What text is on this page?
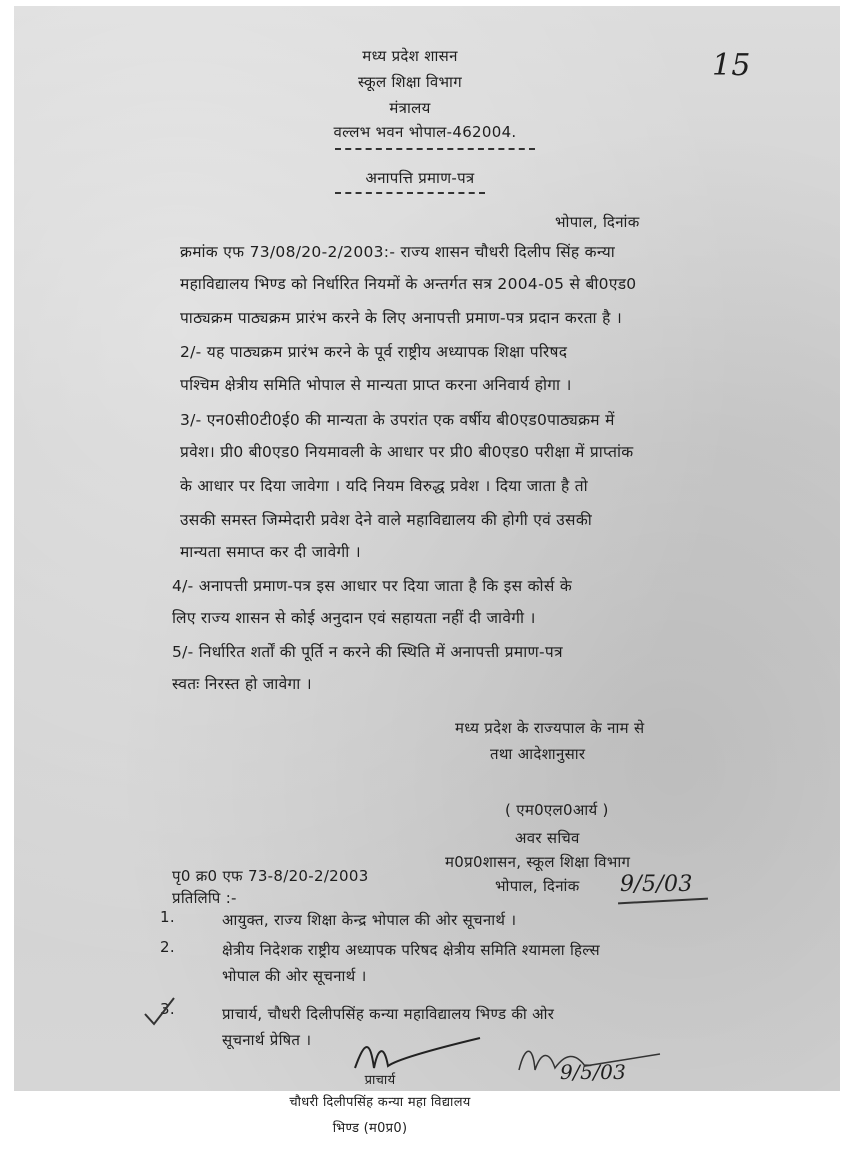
मध्य प्रदेश शासन
स्कूल शिक्षा विभाग
मंत्रालय
वल्लभ भवन भोपाल-462004.
15
अनापत्ति प्रमाण-पत्र
भोपाल, दिनांक
क्रमांक एफ 73/08/20-2/2003:- राज्य शासन चौधरी दिलीप सिंह कन्या
महाविद्यालय भिण्ड को निर्धारित नियमों के अन्तर्गत सत्र 2004-05 से बी0एड0
पाठ्यक्रम पाठ्यक्रम प्रारंभ करने के लिए अनापत्ती प्रमाण-पत्र प्रदान करता है ।
2/- यह पाठ्यक्रम प्रारंभ करने के पूर्व राष्ट्रीय अध्यापक शिक्षा परिषद
पश्चिम क्षेत्रीय समिति भोपाल से मान्यता प्राप्त करना अनिवार्य होगा ।
3/- एन0सी0टी0ई0 की मान्यता के उपरांत एक वर्षीय बी0एड0पाठ्यक्रम में
प्रवेश। प्री0 बी0एड0 नियमावली के आधार पर प्री0 बी0एड0 परीक्षा में प्राप्तांक
के आधार पर दिया जावेगा । यदि नियम विरुद्ध प्रवेश । दिया जाता है तो
उसकी समस्त जिम्मेदारी प्रवेश देने वाले महाविद्यालय की होगी एवं उसकी
मान्यता समाप्त कर दी जावेगी ।
4/- अनापत्ती प्रमाण-पत्र इस आधार पर दिया जाता है कि इस कोर्स के
लिए राज्य शासन से कोई अनुदान एवं सहायता नहीं दी जावेगी ।
5/- निर्धारित शर्तों की पूर्ति न करने की स्थिति में अनापत्ती प्रमाण-पत्र
स्वतः निरस्त हो जावेगा ।
मध्य प्रदेश के राज्यपाल के नाम से
तथा आदेशानुसार
( एम0एल0आर्य )
अवर सचिव
म0प्र0शासन, स्कूल शिक्षा विभाग
भोपाल, दिनांक 9/5/03
पृ0 क्र0 एफ 73-8/20-2/2003
प्रतिलिपि :-
1.	आयुक्त, राज्य शिक्षा केन्द्र भोपाल की ओर सूचनार्थ ।
2.	क्षेत्रीय निदेशक राष्ट्रीय अध्यापक परिषद क्षेत्रीय समिति श्यामला हिल्स
भोपाल की ओर सूचनार्थ ।
3.	प्राचार्य, चौधरी दिलीपसिंह कन्या महाविद्यालय भिण्ड की ओर
सूचनार्थ प्रेषित ।
9/5/03
प्राचार्य
चौधरी दिलीपसिंह कन्या महा विद्यालय
भिण्ड (म0प्र0)
